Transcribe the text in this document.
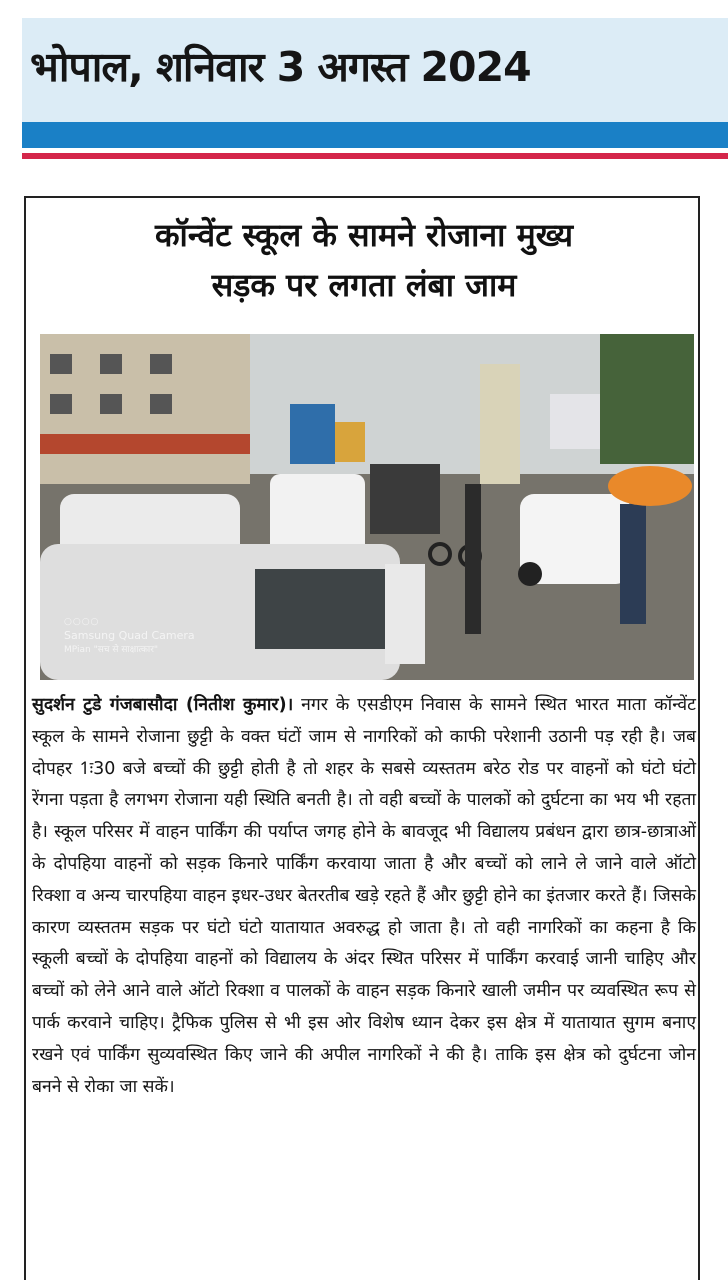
भोपाल, शनिवार 3 अगस्त 2024
कॉन्वेंट स्कूल के सामने रोजाना मुख्य
सड़क पर लगता लंबा जाम
○○○○
Samsung Quad Camera
MPian "सच से साक्षात्कार"
सुदर्शन टुडे गंजबासौदा (नितीश कुमार)। नगर के एसडीएम निवास के सामने स्थित भारत माता कॉन्वेंट स्कूल के सामने रोजाना छुट्टी के वक्त घंटों जाम से नागरिकों को काफी परेशानी उठानी पड़ रही है। जब दोपहर 1ः30 बजे बच्चों की छुट्टी होती है तो शहर के सबसे व्यस्ततम बरेठ रोड पर वाहनों को घंटो घंटो रेंगना पड़ता है लगभग रोजाना यही स्थिति बनती है। तो वही बच्चों के पालकों को दुर्घटना का भय भी रहता है। स्कूल परिसर में वाहन पार्किंग की पर्याप्त जगह होने के बावजूद भी विद्यालय प्रबंधन द्वारा छात्र-छात्राओं के दोपहिया वाहनों को सड़क किनारे पार्किंग करवाया जाता है और बच्चों को लाने ले जाने वाले ऑटो रिक्शा व अन्य चारपहिया वाहन इधर-उधर बेतरतीब खड़े रहते हैं और छुट्टी होने का इंतजार करते हैं। जिसके कारण व्यस्ततम सड़क पर घंटो घंटो यातायात अवरुद्ध हो जाता है। तो वही नागरिकों का कहना है कि स्कूली बच्चों के दोपहिया वाहनों को विद्यालय के अंदर स्थित परिसर में पार्किंग करवाई जानी चाहिए और बच्चों को लेने आने वाले ऑटो रिक्शा व पालकों के वाहन सड़क किनारे खाली जमीन पर व्यवस्थित रूप से पार्क करवाने चाहिए। ट्रैफिक पुलिस से भी इस ओर विशेष ध्यान देकर इस क्षेत्र में यातायात सुगम बनाए रखने एवं पार्किंग सुव्यवस्थित किए जाने की अपील नागरिकों ने की है। ताकि इस क्षेत्र को दुर्घटना जोन बनने से रोका जा सकें।
